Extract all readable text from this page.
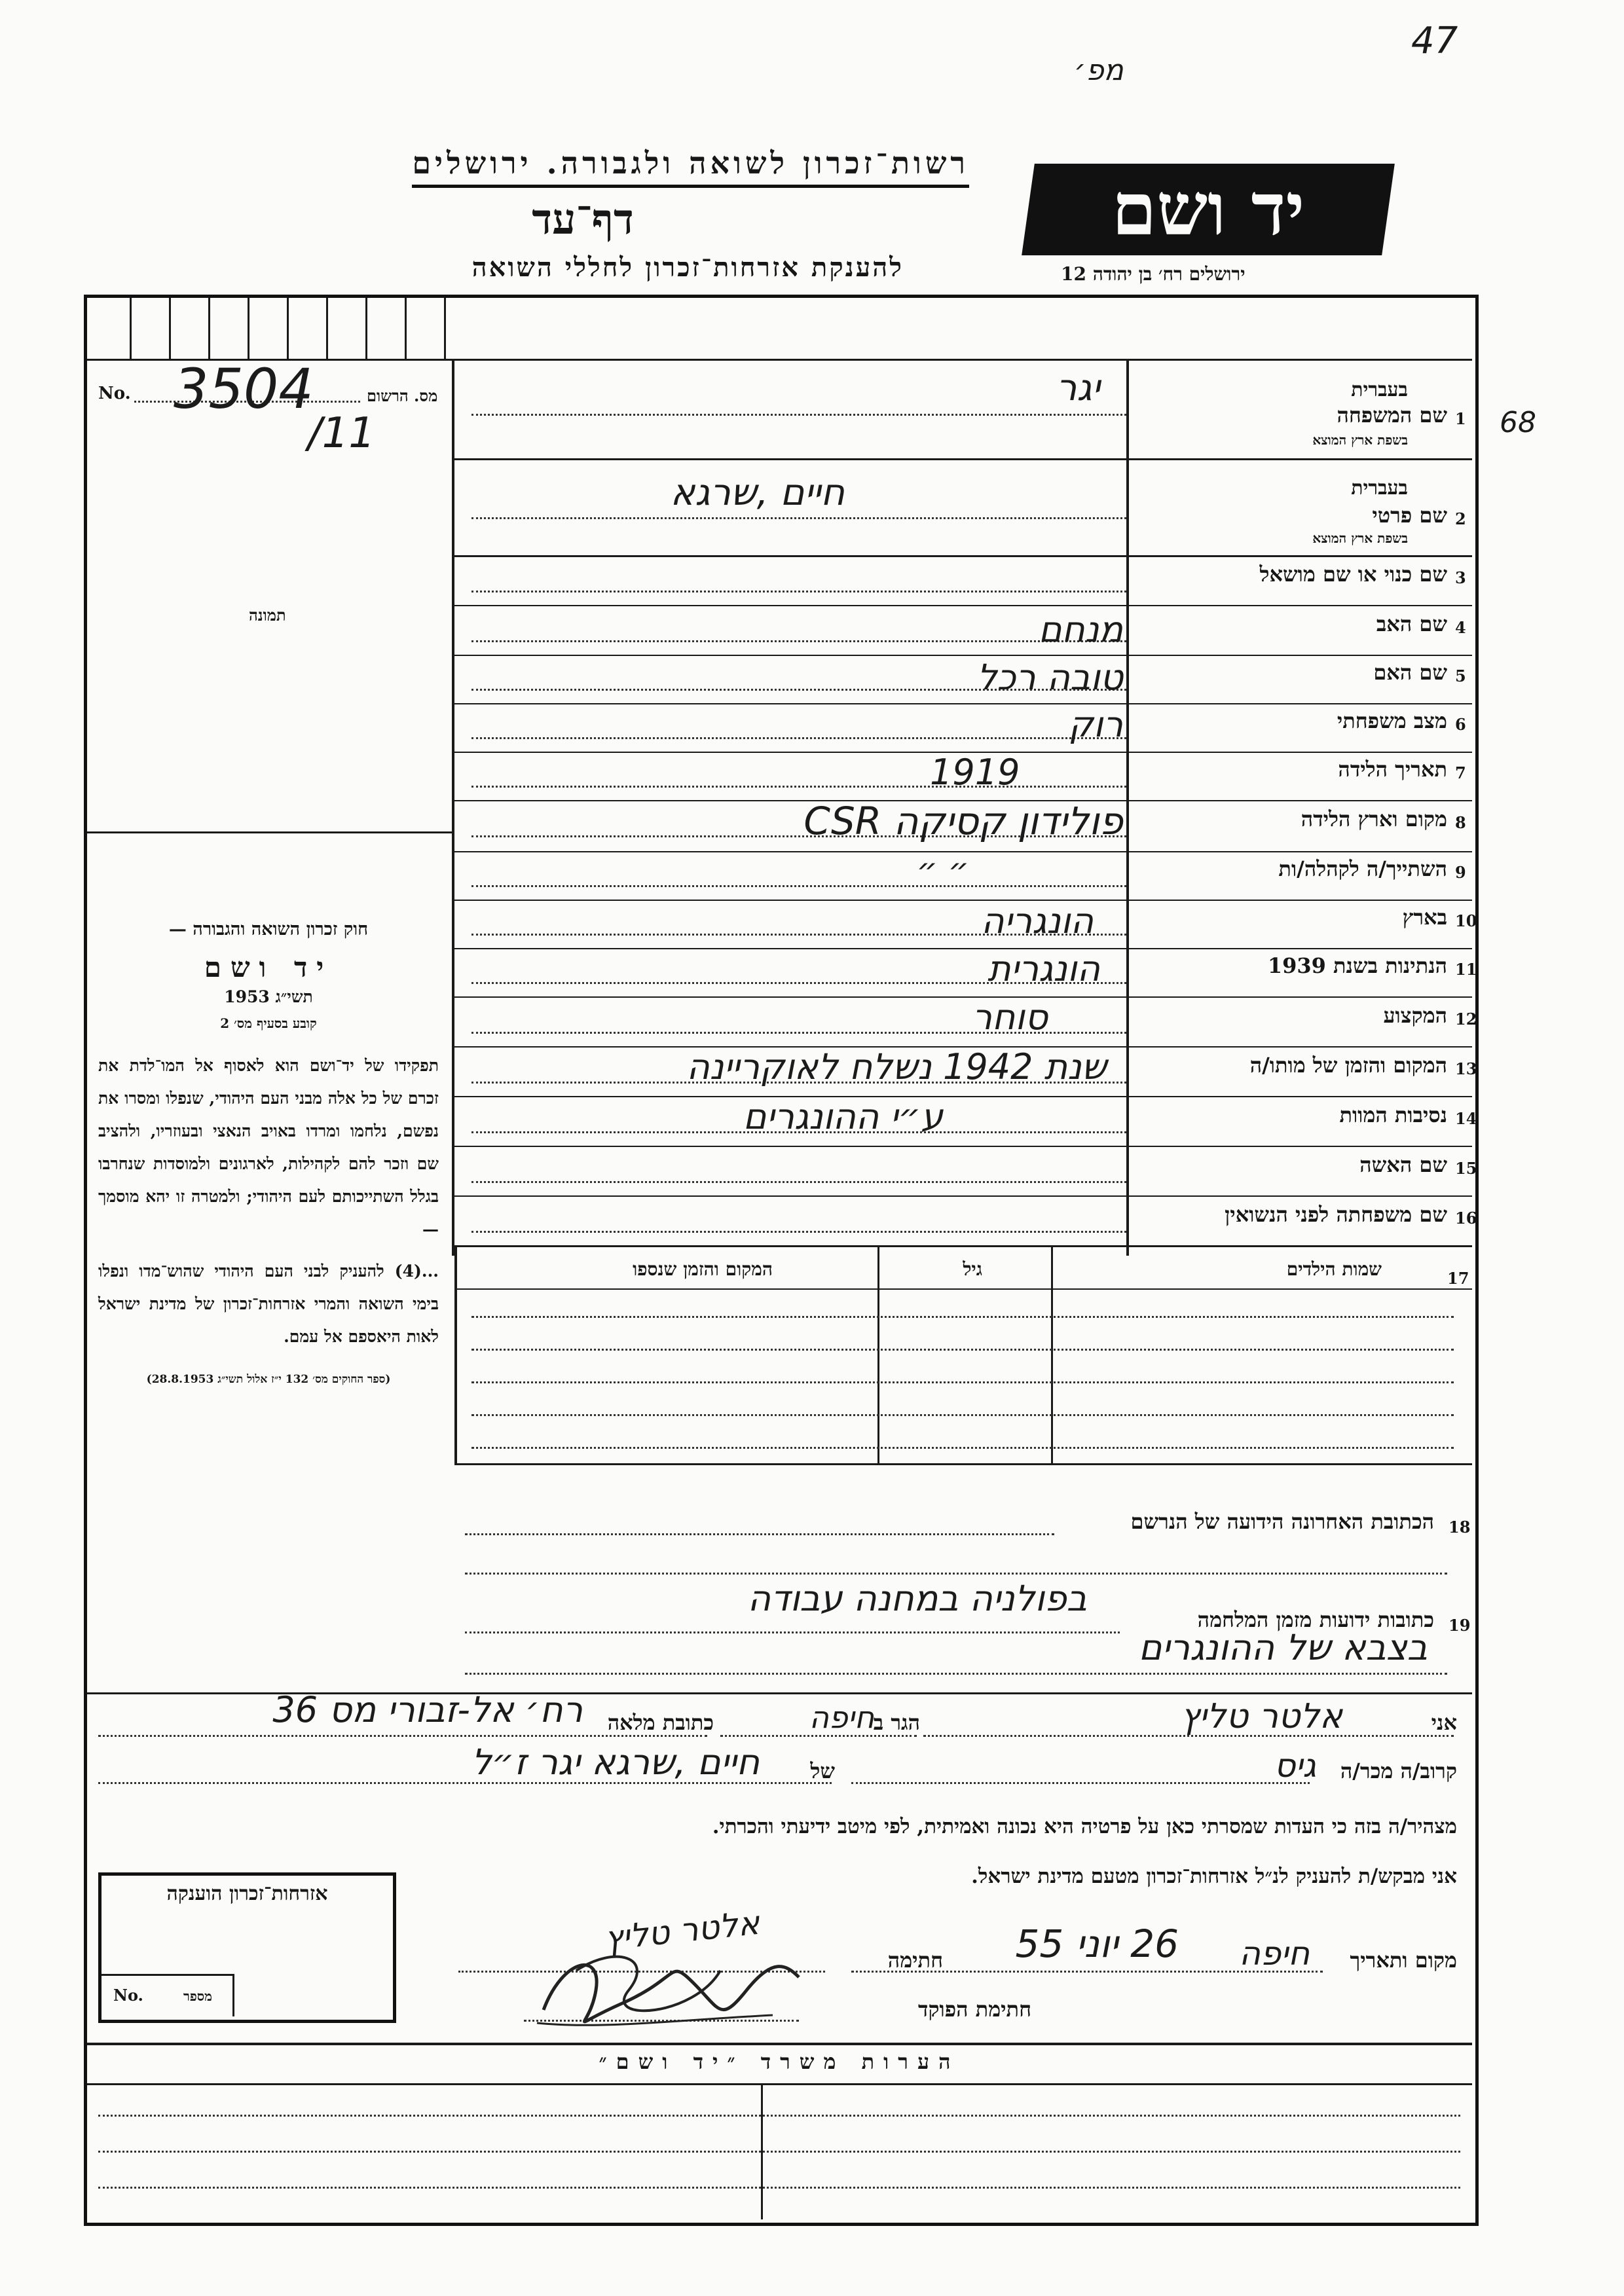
47
מפ׳
68
רשות־זכרון לשואה ולגבורה. ירושלים
דף־עד
להענקת אזרחות־זכרון לחללי השואה
יד ושם
ירושלים רח׳ בן יהודה 12
No. 3504
/11
מס. הרשום
תמונה
שם המשפחה
בעברית
בשפת ארץ המוצא
1
יגר
שם פרטי
בעברית
בשפת ארץ המוצא
2
חיים ,שרגא
שם כנוי או שם מושאל 3
שם האב 4
מנחם
שם האם 5
טובה רכל
מצב משפחתי 6
רוק
תאריך הלידה 7
1919
מקום וארץ הלידה 8
פולידון קסיקה CSR
השתייך/ה לקהלה/ות 9
״ ״
בארץ 10
הונגריה
הנתינות בשנת 1939 11
הונגרית
המקצוע 12
סוחר
המקום והזמן של מותו/ה 13
שנת 1942 נשלח לאוקריינה
נסיבות המוות 14
ע״י ההונגרים
שם האשה 15
שם משפחתה לפני הנשואין 16
17
שמות הילדים
גיל
המקום והזמן שנספו
חוק זכרון השואה והגבורה —
יד ושם
תשי״ג 1953
קובע בסעיף מס׳ 2
תפקידו של יד־ושם הוא לאסוף אל המו־לדת את זכרם של כל אלה מבני העם היהודי, שנפלו ומסרו את נפשם, נלחמו ומרדו באויב הנאצי ובעוזריו, ולהציב שם וזכר להם לקהילות, לארגונים ולמוסדות שנחרבו בגלל השתייכותם לעם היהודי; ולמטרה זו יהא מוסמך —
...(4) להעניק לבני העם היהודי שהוש־מדו ונפלו בימי השואה והמרי אזרחות־זכרון של מדינת ישראל לאות היאספם אל עמם.
(ספר החוקים מס׳ 132 י״ז אלול תשי״ג 28.8.1953)
18
הכתובת האחרונה הידועה של הנרשם
19
כתובות ידועות מזמן המלחמה
בפולניה במחנה עבודה
בצבא של ההונגרים
אני
אלטר טליץ
הגר ב
חיפה
כתובת מלאה
רח׳ אל-זבורי מס 36
קרוב/ה מכר/ה
גיס
של
חיים ,שרגא יגר ז״ל
מצהיר/ה בזה כי העדות שמסרתי כאן על פרטיה היא נכונה ואמיתית, לפי מיטב ידיעתי והכרתי.
אני מבקש/ת להעניק לנ״ל אזרחות־זכרון מטעם מדינת ישראל.
מקום ותאריך
חיפה
26 יוני 55
חתימה
אלטר טליץ
חתימת הפוקד
אזרחות־זכרון הוענקה
No.	מספר
הערות משרד ״יד ושם״
